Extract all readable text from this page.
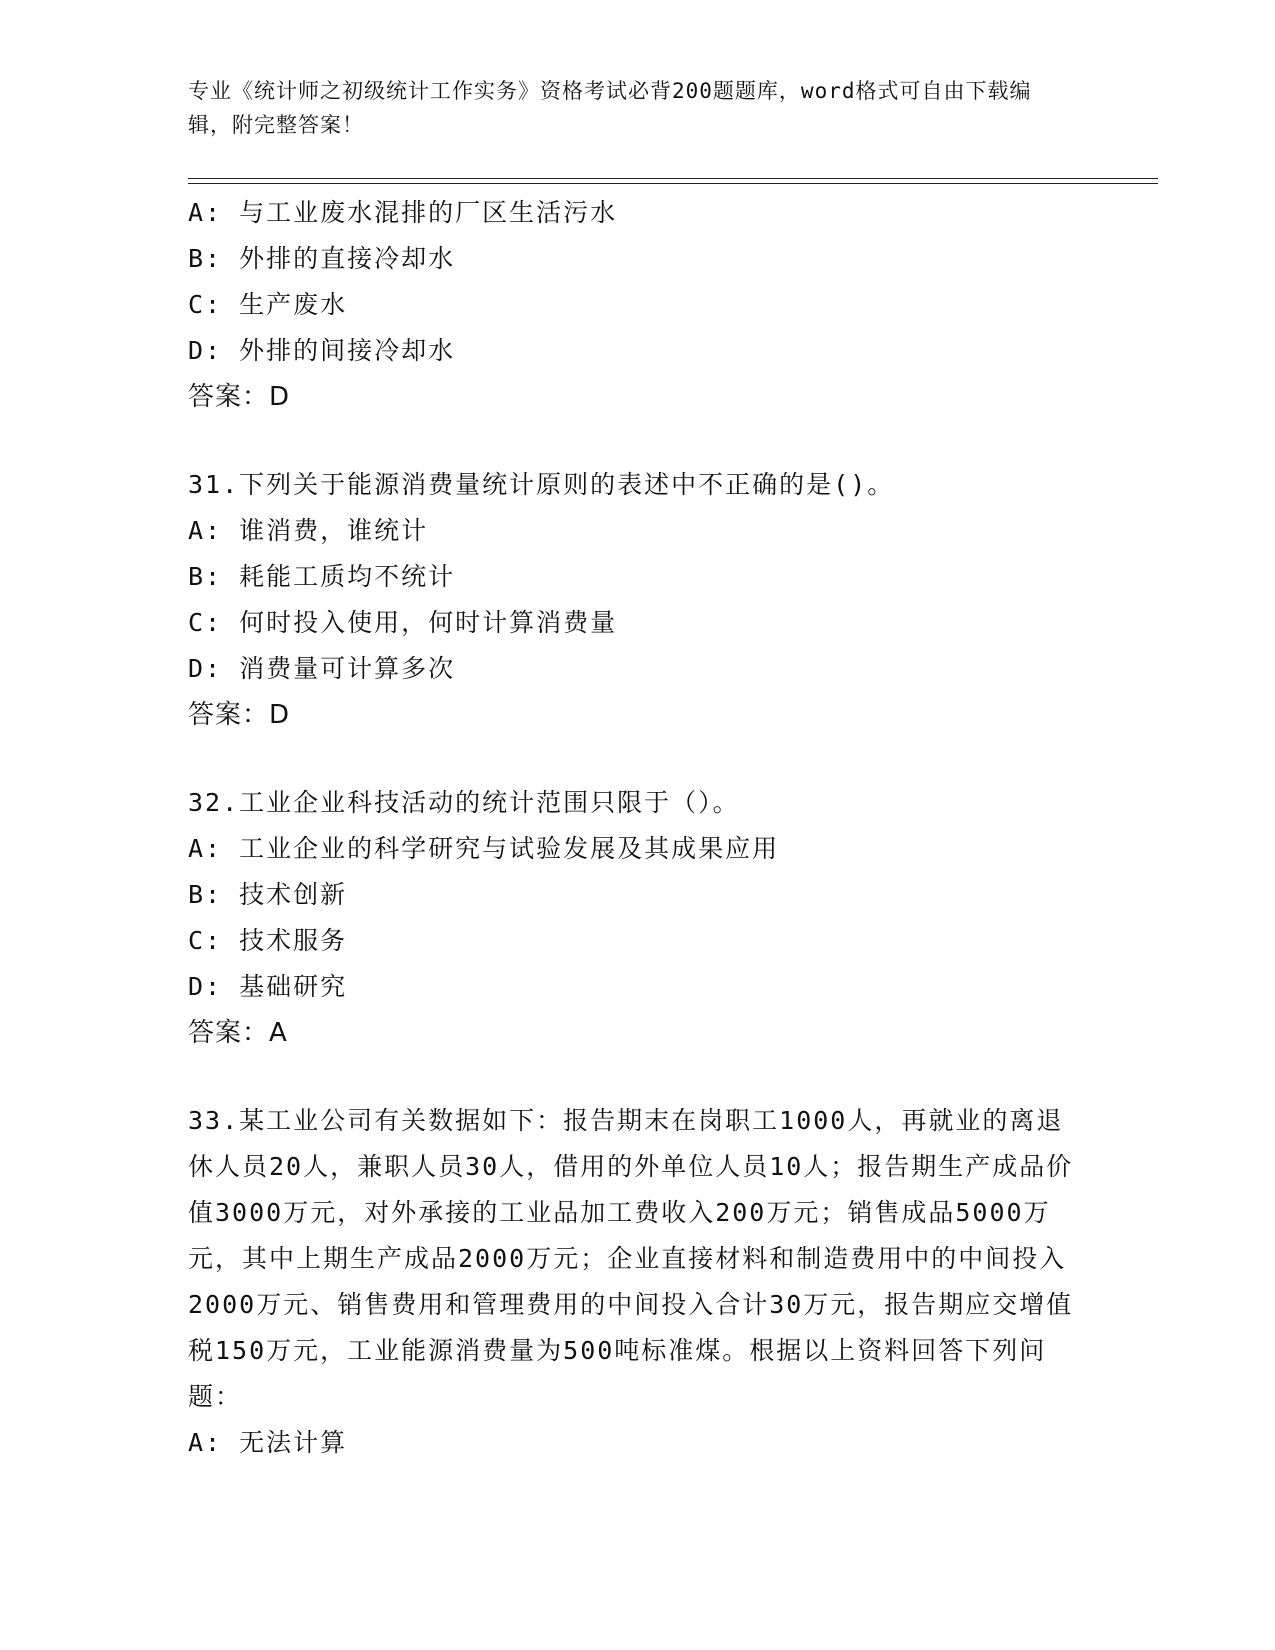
专业《统计师之初级统计工作实务》资格考试必背200题题库，word格式可自由下载编辑，附完整答案！
A: 与工业废水混排的厂区生活污水
B: 外排的直接冷却水
C: 生产废水
D: 外排的间接冷却水
答案：D
31.下列关于能源消费量统计原则的表述中不正确的是()。
A: 谁消费，谁统计
B: 耗能工质均不统计
C: 何时投入使用，何时计算消费量
D: 消费量可计算多次
答案：D
32.工业企业科技活动的统计范围只限于（）。
A: 工业企业的科学研究与试验发展及其成果应用
B: 技术创新
C: 技术服务
D: 基础研究
答案：A
33.某工业公司有关数据如下：报告期末在岗职工1000人，再就业的离退休人员20人，兼职人员30人，借用的外单位人员10人；报告期生产成品价值3000万元，对外承接的工业品加工费收入200万元；销售成品5000万元，其中上期生产成品2000万元；企业直接材料和制造费用中的中间投入2000万元、销售费用和管理费用的中间投入合计30万元，报告期应交增值税150万元，工业能源消费量为500吨标准煤。根据以上资料回答下列问题：
A: 无法计算
